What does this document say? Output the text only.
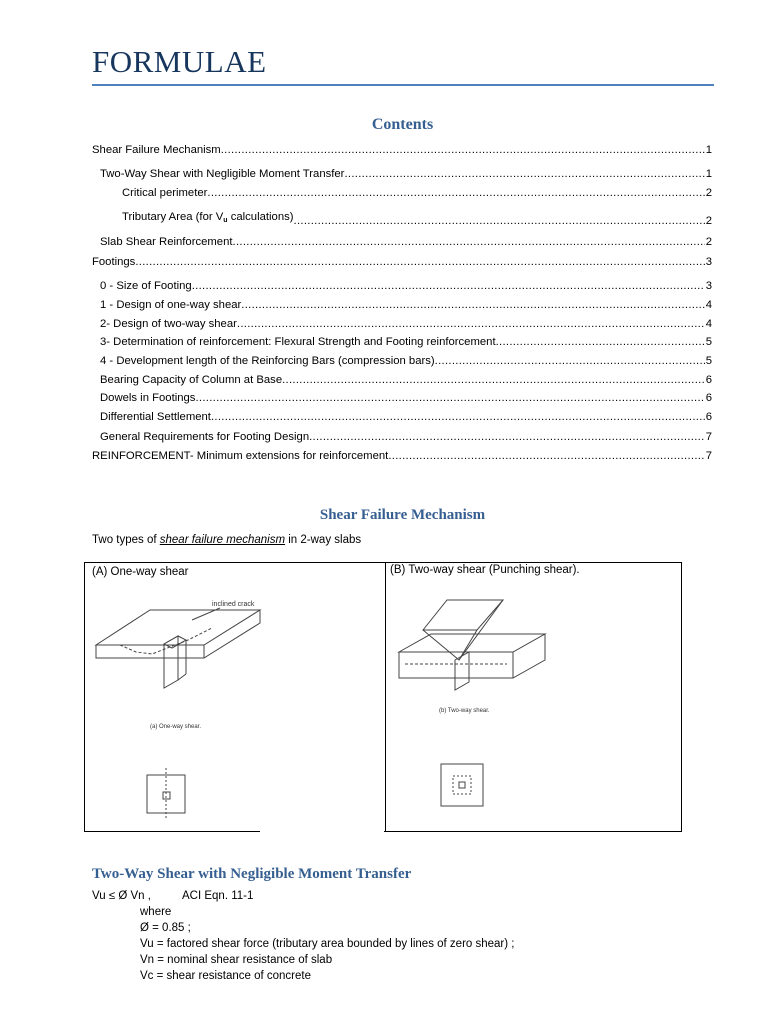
FORMULAE
Contents
Shear Failure Mechanism .....	1
Two-Way Shear with Negligible Moment Transfer .....	1
Critical perimeter .....	2
Tributary Area (for $V_u$ calculations) .....	2
Slab Shear Reinforcement .....	2
Footings .....	3
0 - Size of Footing .....	3
1 - Design of one-way shear .....	4
2- Design of two-way shear .....	4
3- Determination of reinforcement: Flexural Strength and Footing reinforcement .....	5
4 - Development length of the Reinforcing Bars (compression bars) .....	5
Bearing Capacity of Column at Base .....	6
Dowels in Footings .....	6
Differential Settlement .....	6
General Requirements for Footing Design .....	7
REINFORCEMENT- Minimum extensions for reinforcement .....	7
Shear Failure Mechanism

Two types of shear failure mechanism in 2-way slabs

(A) One-way shear	(B) Two-way shear (Punching shear).

inclined crack
(a) One-way shear.
(b) Two-way shear.
Two-Way Shear with Negligible Moment Transfer

Vu ≤ Ø Vn ,	ACI Eqn. 11-1

where

Ø = 0.85 ;

Vu = factored shear force (tributary area bounded by lines of zero shear) ;

Vn = nominal shear resistance of slab

Vc = shear resistance of concrete
